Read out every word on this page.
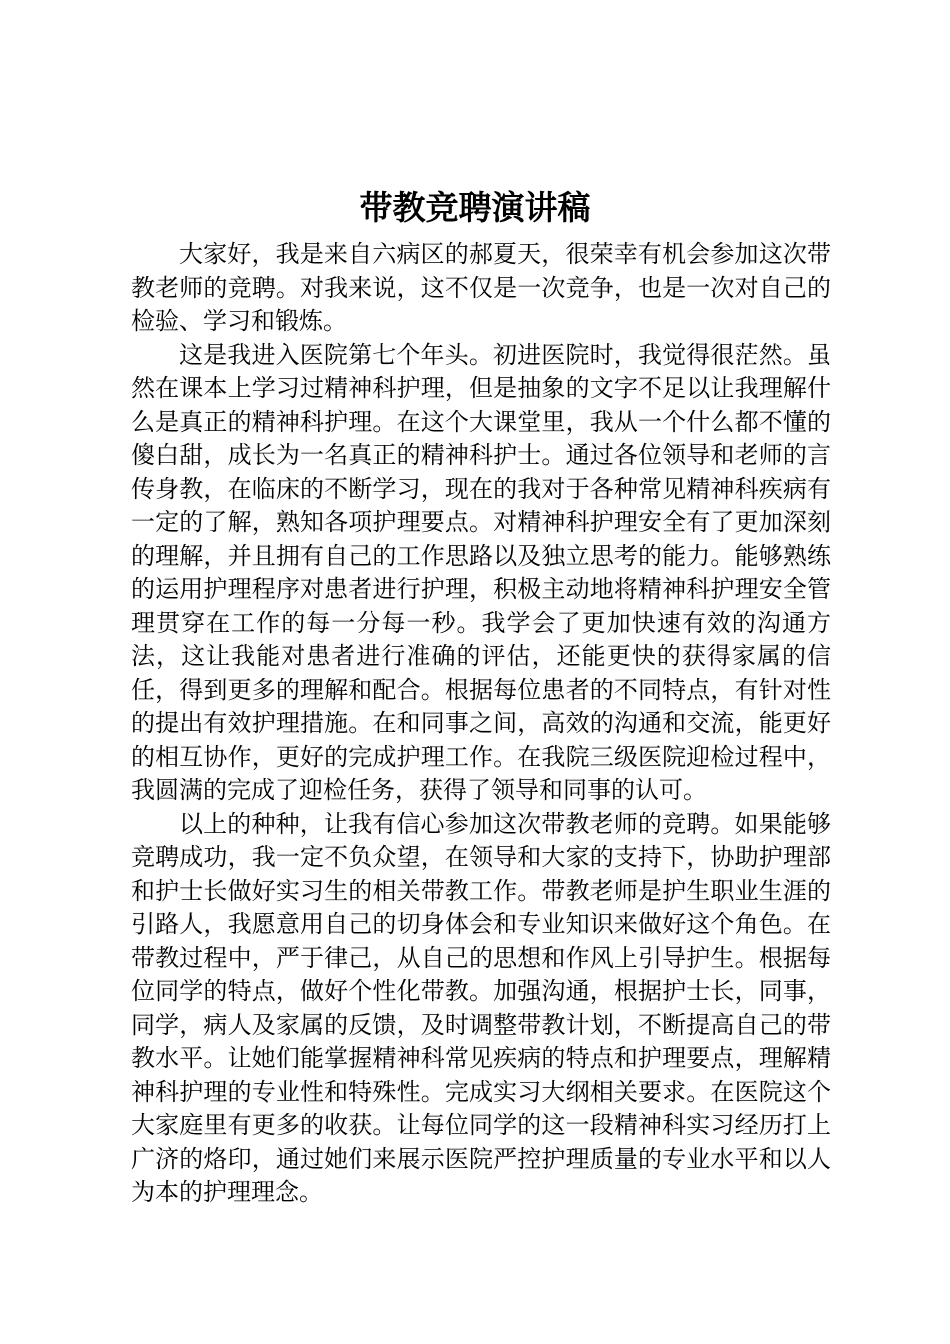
带教竞聘演讲稿

大家好，我是来自六病区的郝夏天，很荣幸有机会参加这次带教老师的竞聘。对我来说，这不仅是一次竞争，也是一次对自己的检验、学习和锻炼。

这是我进入医院第七个年头。初进医院时，我觉得很茫然。虽然在课本上学习过精神科护理，但是抽象的文字不足以让我理解什么是真正的精神科护理。在这个大课堂里，我从一个什么都不懂的傻白甜，成长为一名真正的精神科护士。通过各位领导和老师的言传身教，在临床的不断学习，现在的我对于各种常见精神科疾病有一定的了解，熟知各项护理要点。对精神科护理安全有了更加深刻的理解，并且拥有自己的工作思路以及独立思考的能力。能够熟练的运用护理程序对患者进行护理，积极主动地将精神科护理安全管理贯穿在工作的每一分每一秒。我学会了更加快速有效的沟通方法，这让我能对患者进行准确的评估，还能更快的获得家属的信任，得到更多的理解和配合。根据每位患者的不同特点，有针对性的提出有效护理措施。在和同事之间，高效的沟通和交流，能更好的相互协作，更好的完成护理工作。在我院三级医院迎检过程中，我圆满的完成了迎检任务，获得了领导和同事的认可。

以上的种种，让我有信心参加这次带教老师的竞聘。如果能够竞聘成功，我一定不负众望，在领导和大家的支持下，协助护理部和护士长做好实习生的相关带教工作。带教老师是护生职业生涯的引路人，我愿意用自己的切身体会和专业知识来做好这个角色。在带教过程中，严于律己，从自己的思想和作风上引导护生。根据每位同学的特点，做好个性化带教。加强沟通，根据护士长，同事，同学，病人及家属的反馈，及时调整带教计划，不断提高自己的带教水平。让她们能掌握精神科常见疾病的特点和护理要点，理解精神科护理的专业性和特殊性。完成实习大纲相关要求。在医院这个大家庭里有更多的收获。让每位同学的这一段精神科实习经历打上广济的烙印，通过她们来展示医院严控护理质量的专业水平和以人为本的护理理念。
